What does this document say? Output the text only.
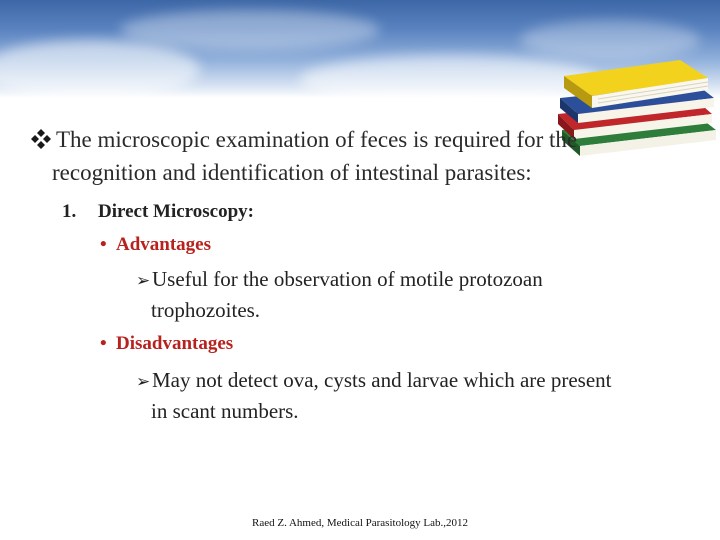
The microscopic examination of feces is required for the
recognition and identification of intestinal parasites:
1. Direct Microscopy:
• Advantages
➢Useful for the observation of motile protozoan
trophozoites.
• Disadvantages
➢May not detect ova, cysts and larvae which are present
in scant numbers.
Raed Z. Ahmed, Medical Parasitology Lab.,2012
